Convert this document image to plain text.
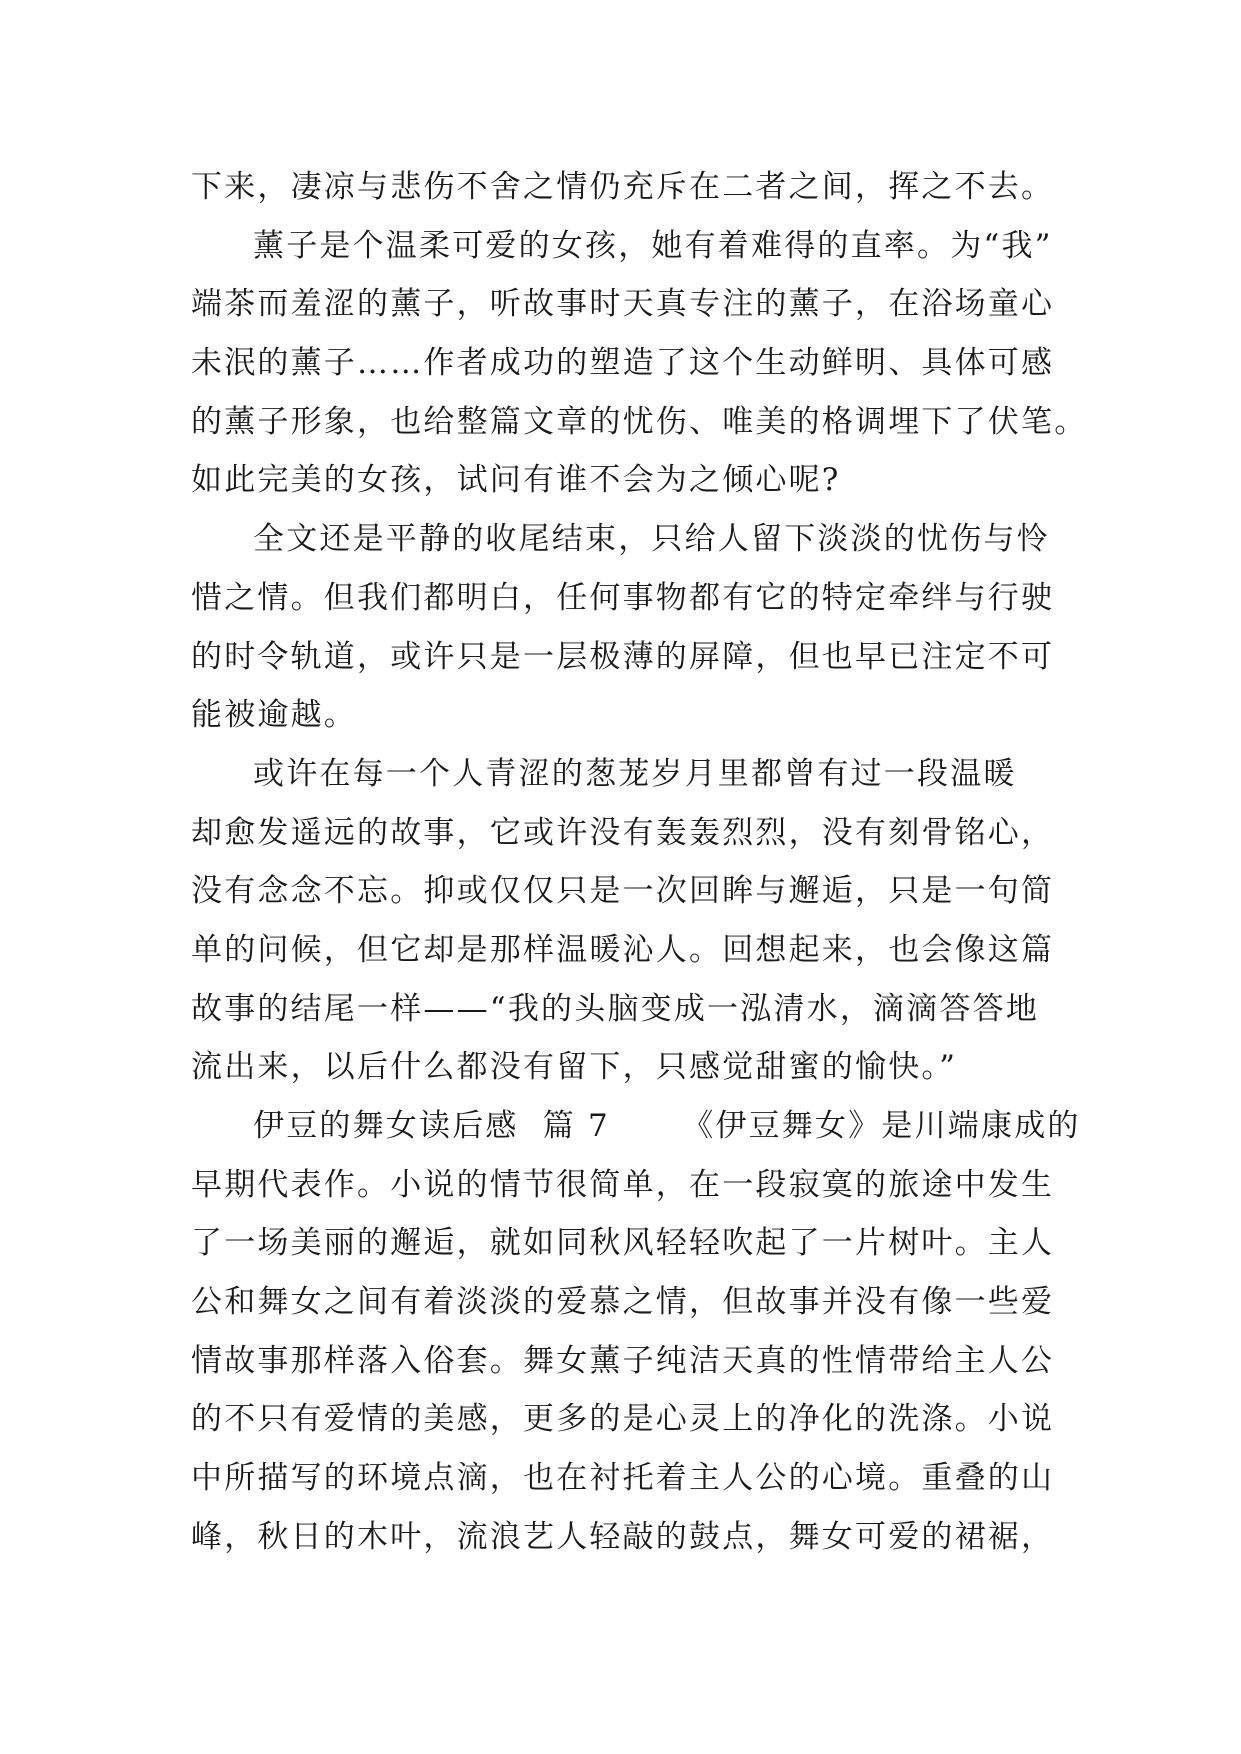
下来，凄凉与悲伤不舍之情仍充斥在二者之间，挥之不去。
薰子是个温柔可爱的女孩，她有着难得的直率。为“我”
端茶而羞涩的薰子，听故事时天真专注的薰子，在浴场童心
未泯的薰子……作者成功的塑造了这个生动鲜明、具体可感
的薰子形象，也给整篇文章的忧伤、唯美的格调埋下了伏笔。
如此完美的女孩，试问有谁不会为之倾心呢?
全文还是平静的收尾结束，只给人留下淡淡的忧伤与怜
惜之情。但我们都明白，任何事物都有它的特定牵绊与行驶
的时令轨道，或许只是一层极薄的屏障，但也早已注定不可
能被逾越。
或许在每一个人青涩的葱茏岁月里都曾有过一段温暖
却愈发遥远的故事，它或许没有轰轰烈烈，没有刻骨铭心，
没有念念不忘。抑或仅仅只是一次回眸与邂逅，只是一句简
单的问候，但它却是那样温暖沁人。回想起来，也会像这篇
故事的结尾一样——“我的头脑变成一泓清水，滴滴答答地
流出来，以后什么都没有留下，只感觉甜蜜的愉快。”
伊豆的舞女读后感  篇 7      《伊豆舞女》是川端康成的
早期代表作。小说的情节很简单，在一段寂寞的旅途中发生
了一场美丽的邂逅，就如同秋风轻轻吹起了一片树叶。主人
公和舞女之间有着淡淡的爱慕之情，但故事并没有像一些爱
情故事那样落入俗套。舞女薰子纯洁天真的性情带给主人公
的不只有爱情的美感，更多的是心灵上的净化的洗涤。小说
中所描写的环境点滴，也在衬托着主人公的心境。重叠的山
峰，秋日的木叶，流浪艺人轻敲的鼓点，舞女可爱的裙裾，
